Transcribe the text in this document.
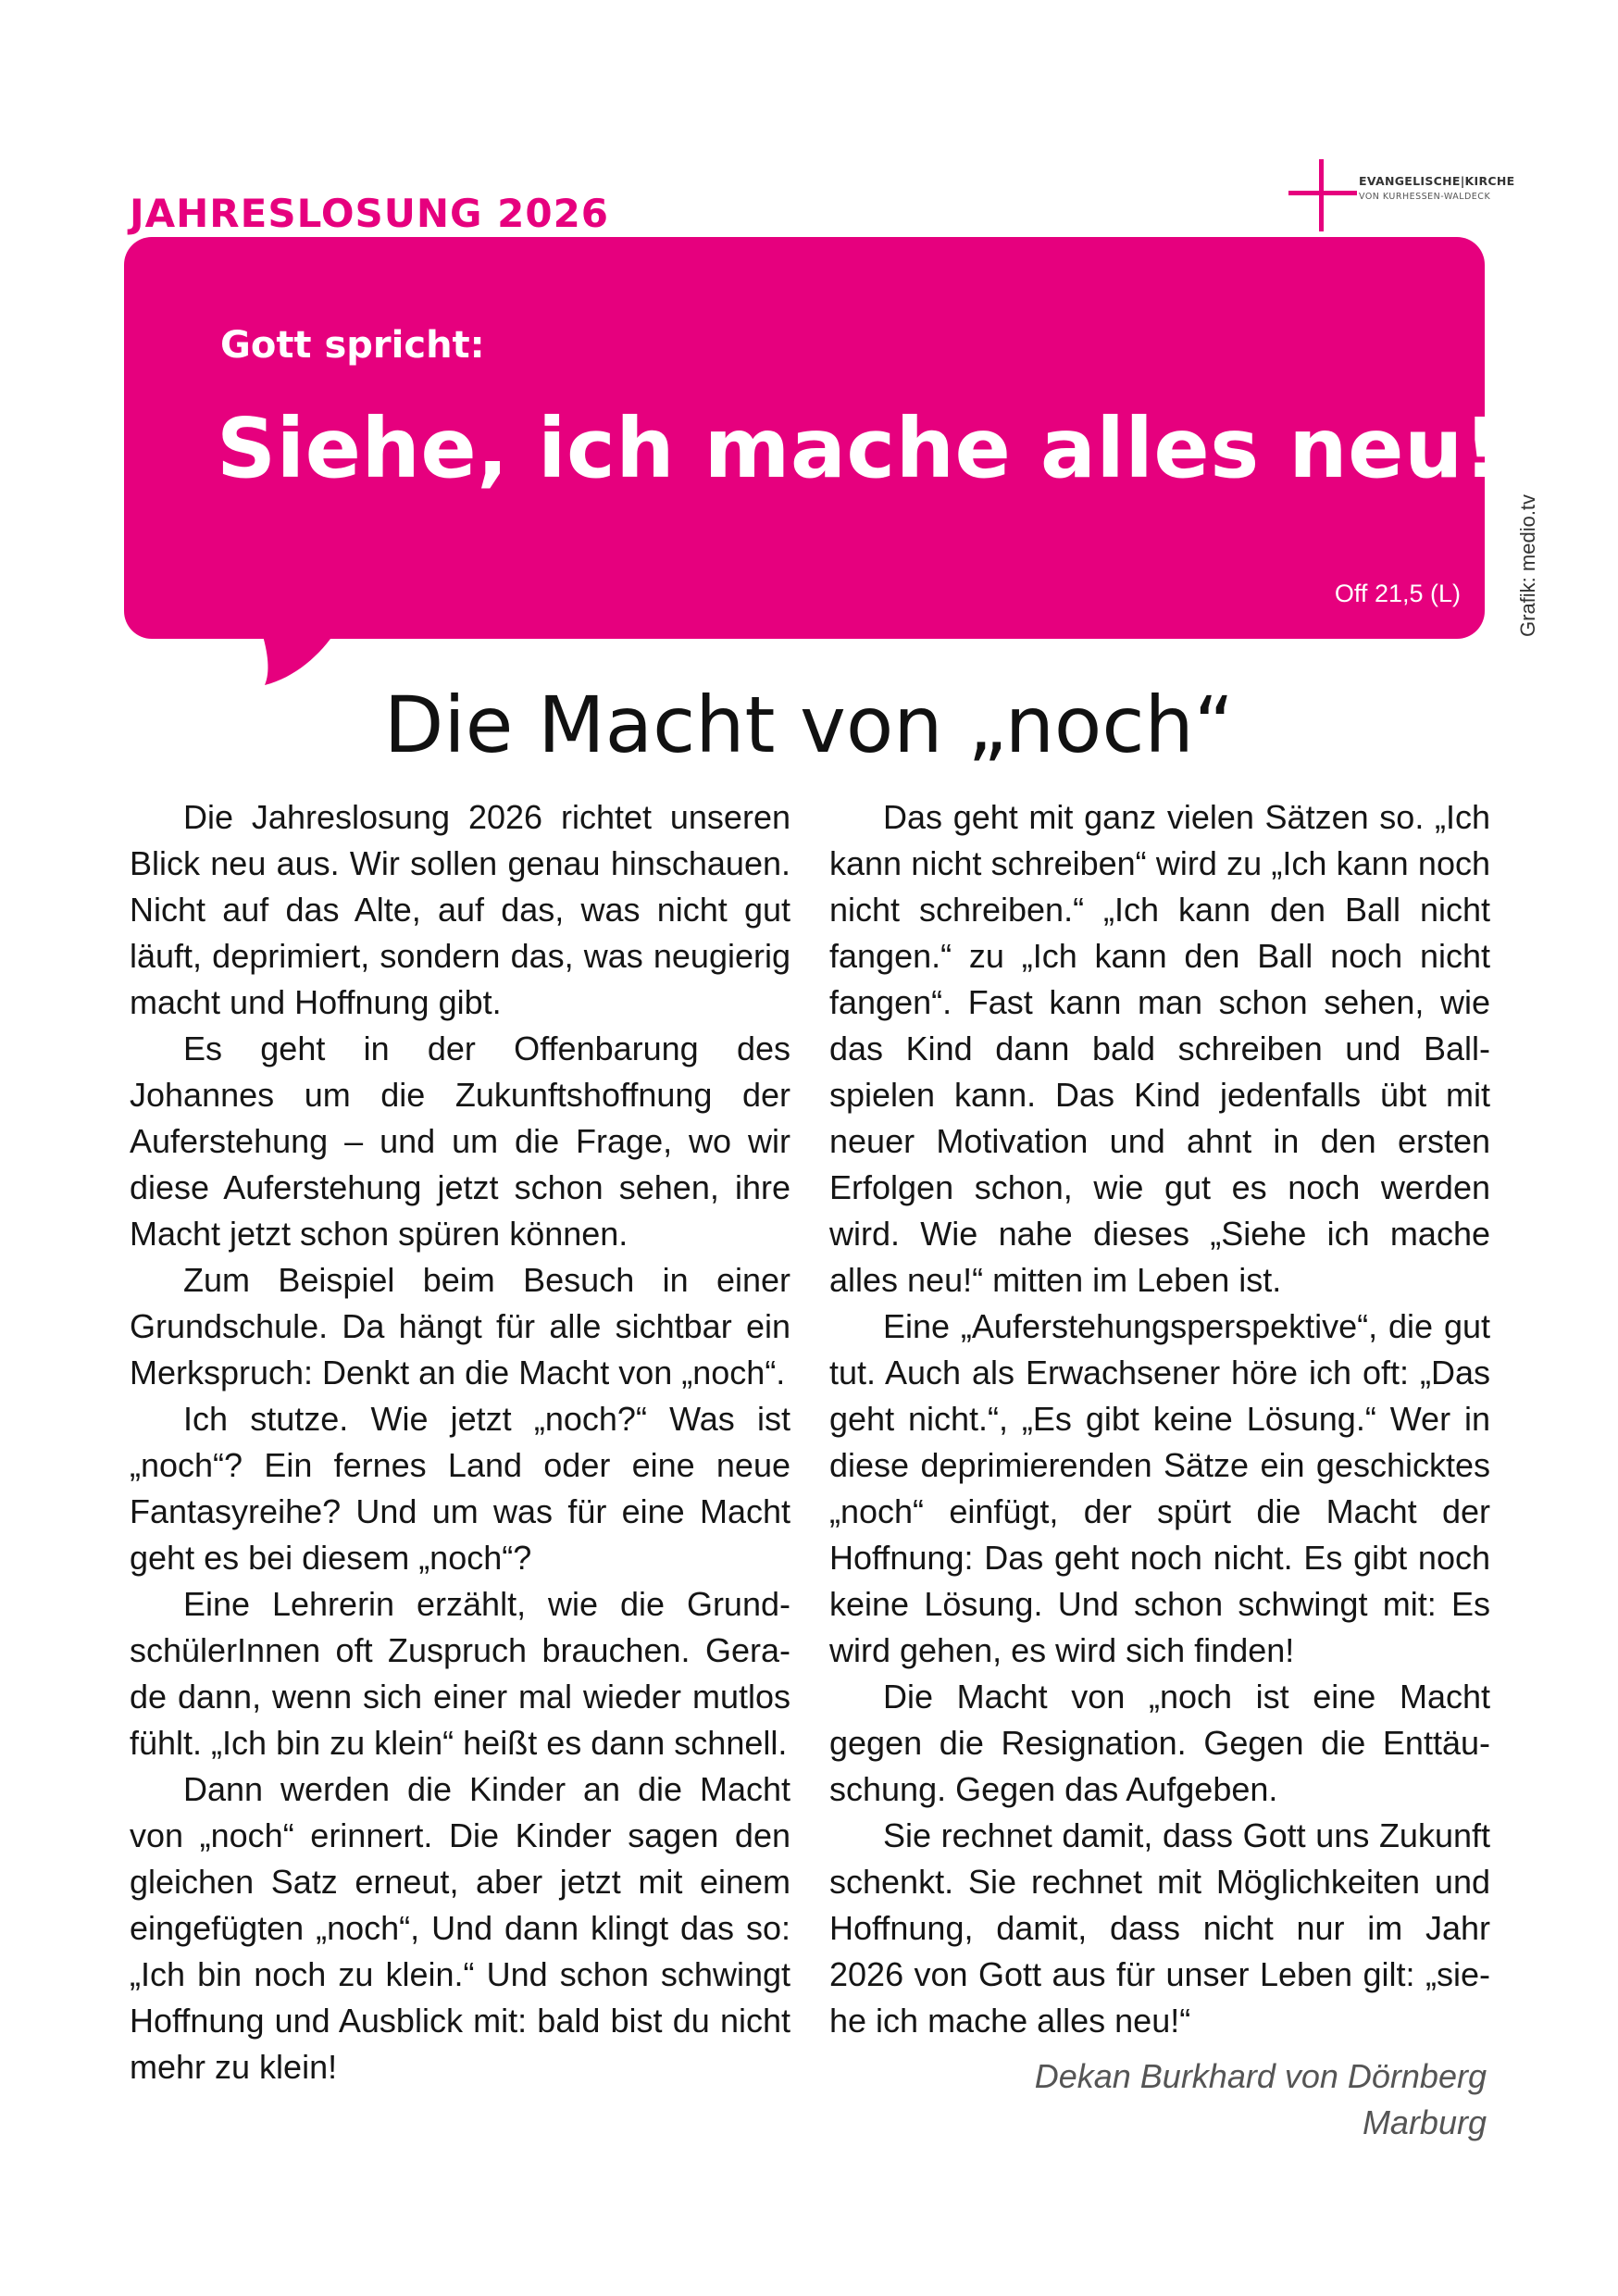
JAHRESLOSUNG 2026
EVANGELISCHE|KIRCHE
VON KURHESSEN-WALDECK
Gott spricht:
Siehe, ich mache alles neu!
Off 21,5 (L)	Grafik: medio.tv
Die Macht von „noch“

Die Jahreslosung 2026 richtet unseren Blick neu aus. Wir sollen genau hinschauen. Nicht auf das Alte, auf das, was nicht gut läuft, deprimiert, sondern das, was neugierig macht und Hoffnung gibt.

Es geht in der Offenbarung des Johannes um die Zukunftshoffnung der Auferstehung – und um die Frage, wo wir diese Auferstehung jetzt schon sehen, ihre Macht jetzt schon spüren können.

Zum Beispiel beim Besuch in einer Grundschule. Da hängt für alle sichtbar ein Merkspruch: Denkt an die Macht von „noch“.

Ich stutze. Wie jetzt „noch?“ Was ist „noch“? Ein fernes Land oder eine neue Fantasyreihe? Und um was für eine Macht geht es bei diesem „noch“?

Eine Lehrerin erzählt, wie die GrundschülerInnen oft Zuspruch brauchen. Gerade dann, wenn sich einer mal wieder mutlos fühlt. „Ich bin zu klein“ heißt es dann schnell.

Dann werden die Kinder an die Macht von „noch“ erinnert. Die Kinder sagen den gleichen Satz erneut, aber jetzt mit einem eingefügten „noch“, Und dann klingt das so: „Ich bin noch zu klein.“ Und schon schwingt Hoffnung und Ausblick mit: bald bist du nicht mehr zu klein!

Das geht mit ganz vielen Sätzen so. „Ich kann nicht schreiben“ wird zu „Ich kann noch nicht schreiben.“ „Ich kann den Ball nicht fangen.“ zu „Ich kann den Ball noch nicht fangen“. Fast kann man schon sehen, wie das Kind dann bald schreiben und Ballspielen kann. Das Kind jedenfalls übt mit neuer Motivation und ahnt in den ersten Erfolgen schon, wie gut es noch werden wird. Wie nahe dieses „Siehe ich mache alles neu!“ mitten im Leben ist.

Eine „Auferstehungsperspektive“, die gut tut. Auch als Erwachsener höre ich oft: „Das geht nicht.“, „Es gibt keine Lösung.“ Wer in diese deprimierenden Sätze ein geschicktes „noch“ einfügt, der spürt die Macht der Hoffnung: Das geht noch nicht. Es gibt noch keine Lösung. Und schon schwingt mit: Es wird gehen, es wird sich finden!

Die Macht von „noch ist eine Macht gegen die Resignation. Gegen die Enttäuschung. Gegen das Aufgeben.

Sie rechnet damit, dass Gott uns Zukunft schenkt. Sie rechnet mit Möglichkeiten und Hoffnung, damit, dass nicht nur im Jahr 2026 von Gott aus für unser Leben gilt: „siehe ich mache alles neu!“

Dekan Burkhard von Dörnberg
Marburg
